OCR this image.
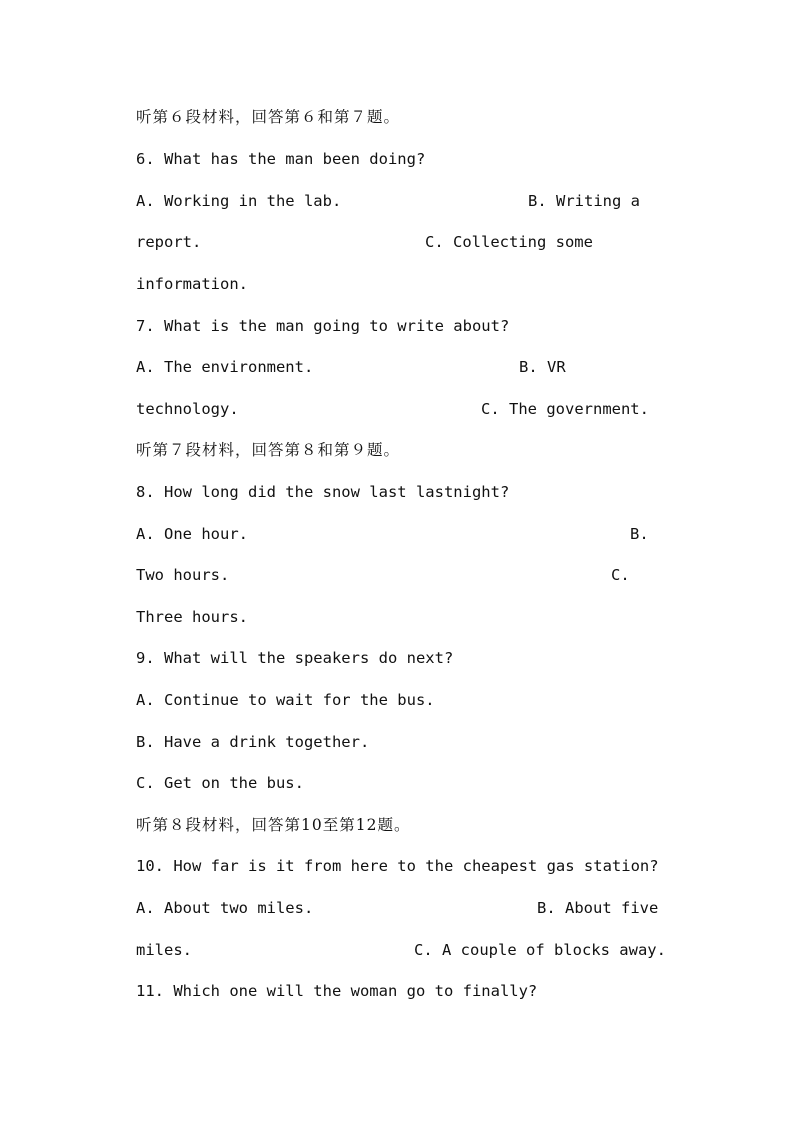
听第６段材料，回答第６和第７题。
6. What has the man been doing?

A. Working in the lab.

	B. Writing a

report.

	C. Collecting some

information.
7. What is the man going to write about?

A. The environment.

	B. VR

technology.

	C. The government.

听第７段材料，回答第８和第９题。
8. How long did the snow last lastnight?

A. One hour.

	B.

Two hours.

	C.

Three hours.
9. What will the speakers do next?
A. Continue to wait for the bus.
B. Have a drink together.
C. Get on the bus.
听第８段材料，回答第10至第12题。
10. How far is it from here to the cheapest gas station?

A. About two miles.

	B. About five

miles.

	C. A couple of blocks away.

11. Which one will the woman go to finally?
